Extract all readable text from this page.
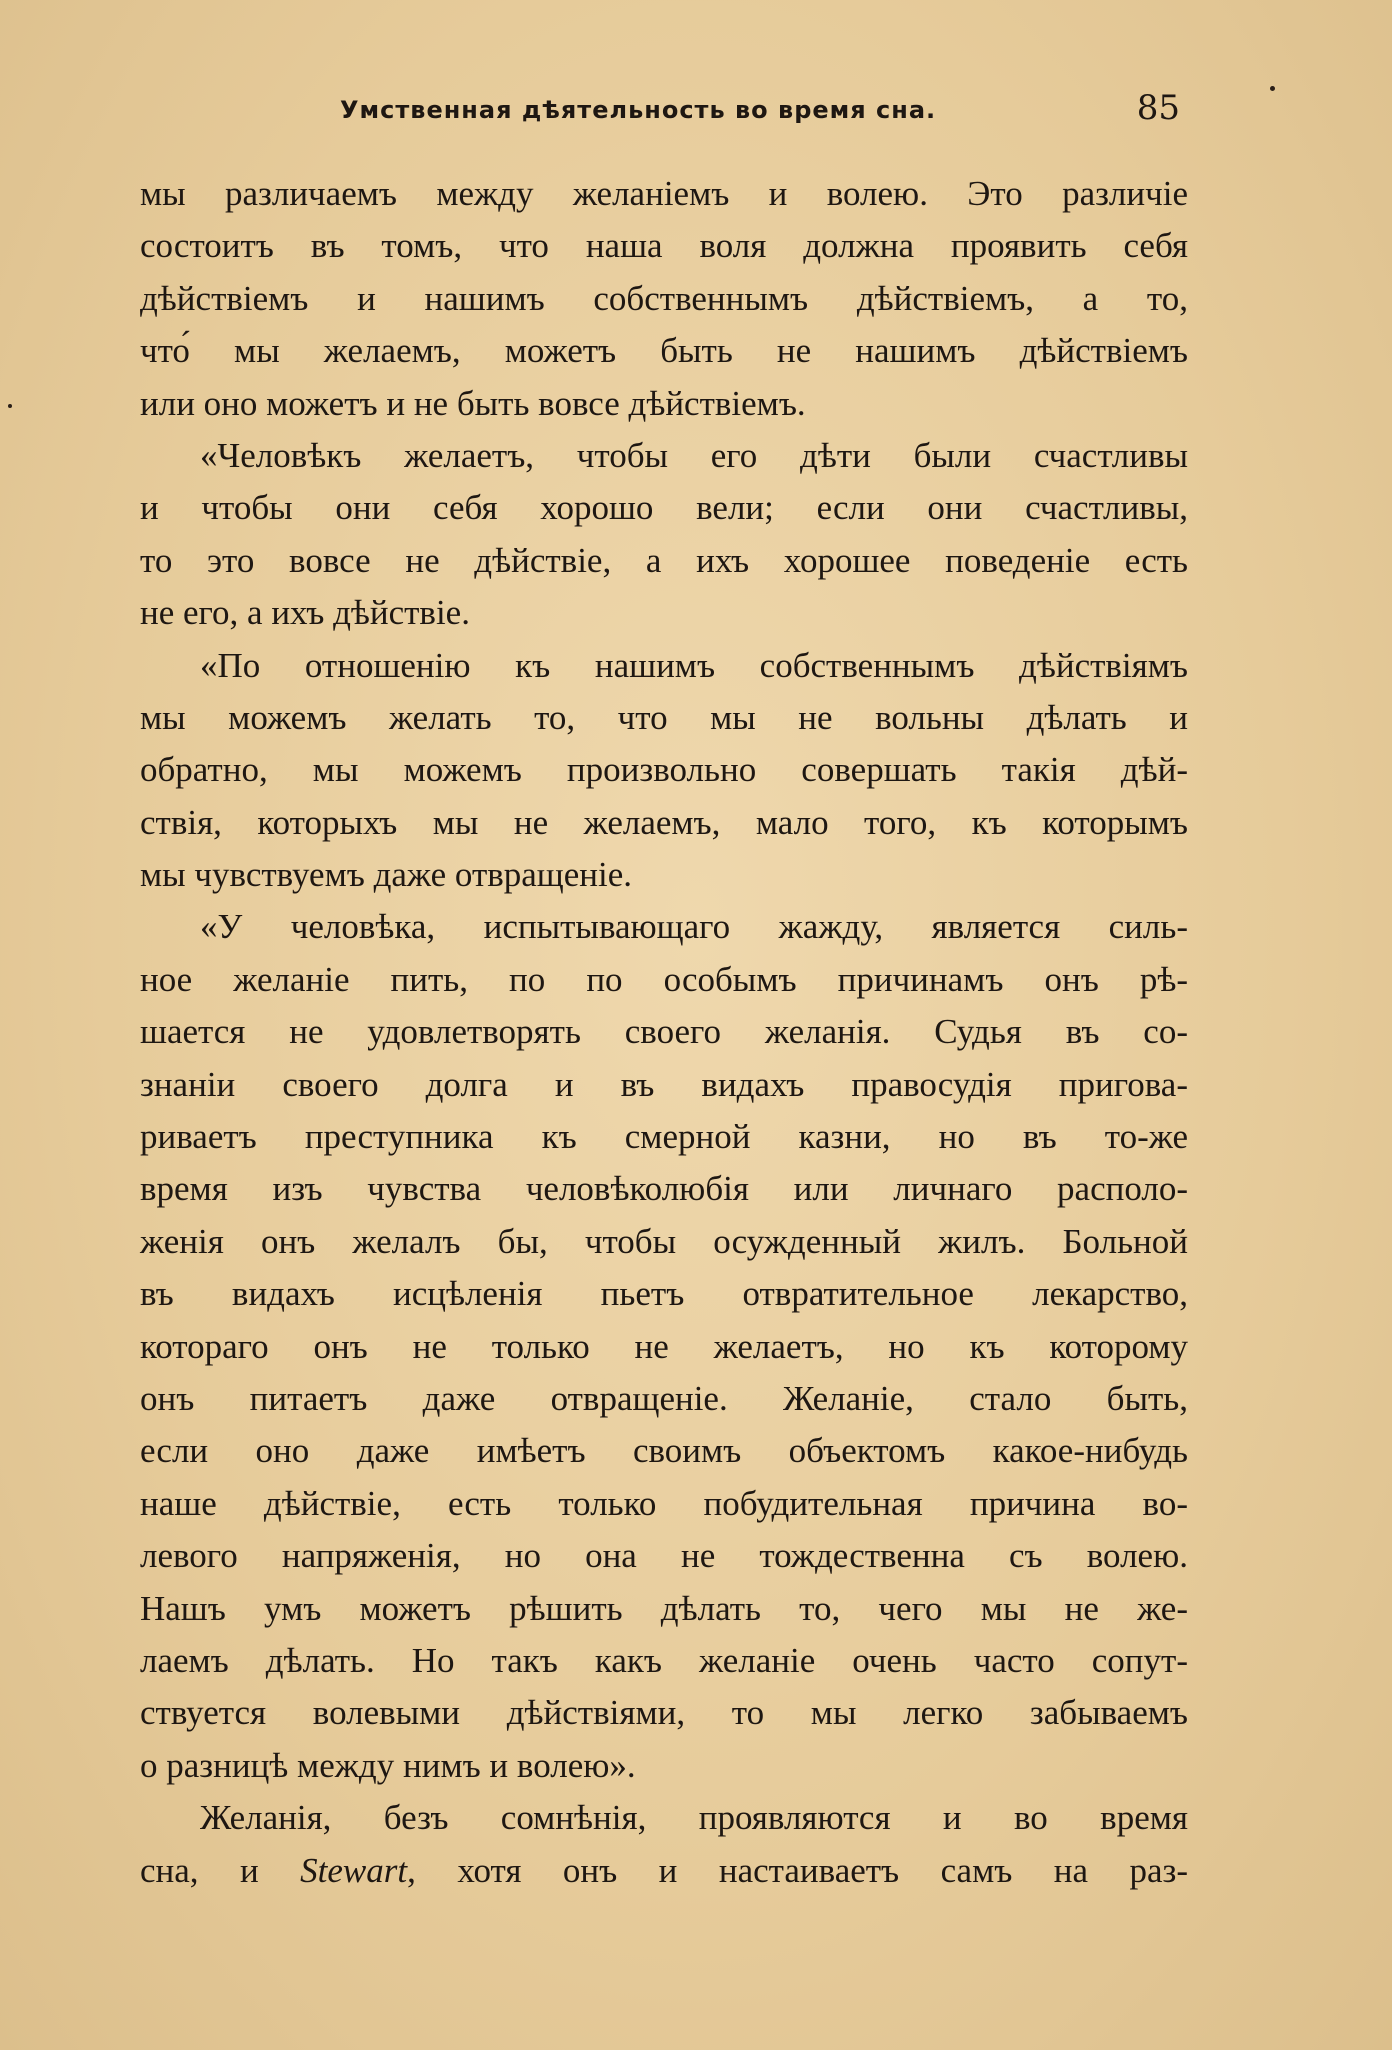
Умственная дѣятельность во время сна.	85
мы различаемъ между желаніемъ и волею. Это различіе
состоитъ въ томъ, что наша воля должна проявить себя
дѣйствіемъ и нашимъ собственнымъ дѣйствіемъ, а то,
что́ мы желаемъ, можетъ быть не нашимъ дѣйствіемъ
или оно можетъ и не быть вовсе дѣйствіемъ.
«Человѣкъ желаетъ, чтобы его дѣти были счастливы
и чтобы они себя хорошо вели; если они счастливы,
то это вовсе не дѣйствіе, а ихъ хорошее поведеніе есть
не его, а ихъ дѣйствіе.
«По отношенію къ нашимъ собственнымъ дѣйствіямъ
мы можемъ желать то, что мы не вольны дѣлать и
обратно, мы можемъ произвольно совершать такія дѣй-
ствія, которыхъ мы не желаемъ, мало того, къ которымъ
мы чувствуемъ даже отвращеніе.
«У человѣка, испытывающаго жажду, является силь-
ное желаніе пить, по по особымъ причинамъ онъ рѣ-
шается не удовлетворять своего желанія. Судья въ со-
знаніи своего долга и въ видахъ правосудія пригова-
риваетъ преступника къ смерной казни, но въ то-же
время изъ чувства человѣколюбія или личнаго располо-
женія онъ желалъ бы, чтобы осужденный жилъ. Больной
въ видахъ исцѣленія пьетъ отвратительное лекарство,
котораго онъ не только не желаетъ, но къ которому
онъ питаетъ даже отвращеніе. Желаніе, стало быть,
если оно даже имѣетъ своимъ объектомъ какое-нибудь
наше дѣйствіе, есть только побудительная причина во-
левого напряженія, но она не тождественна съ волею.
Нашъ умъ можетъ рѣшить дѣлать то, чего мы не же-
лаемъ дѣлать. Но такъ какъ желаніе очень часто сопут-
ствуется волевыми дѣйствіями, то мы легко забываемъ
о разницѣ между нимъ и волею».
Желанія, безъ сомнѣнія, проявляются и во время
сна, и Stewart, хотя онъ и настаиваетъ самъ на раз-
